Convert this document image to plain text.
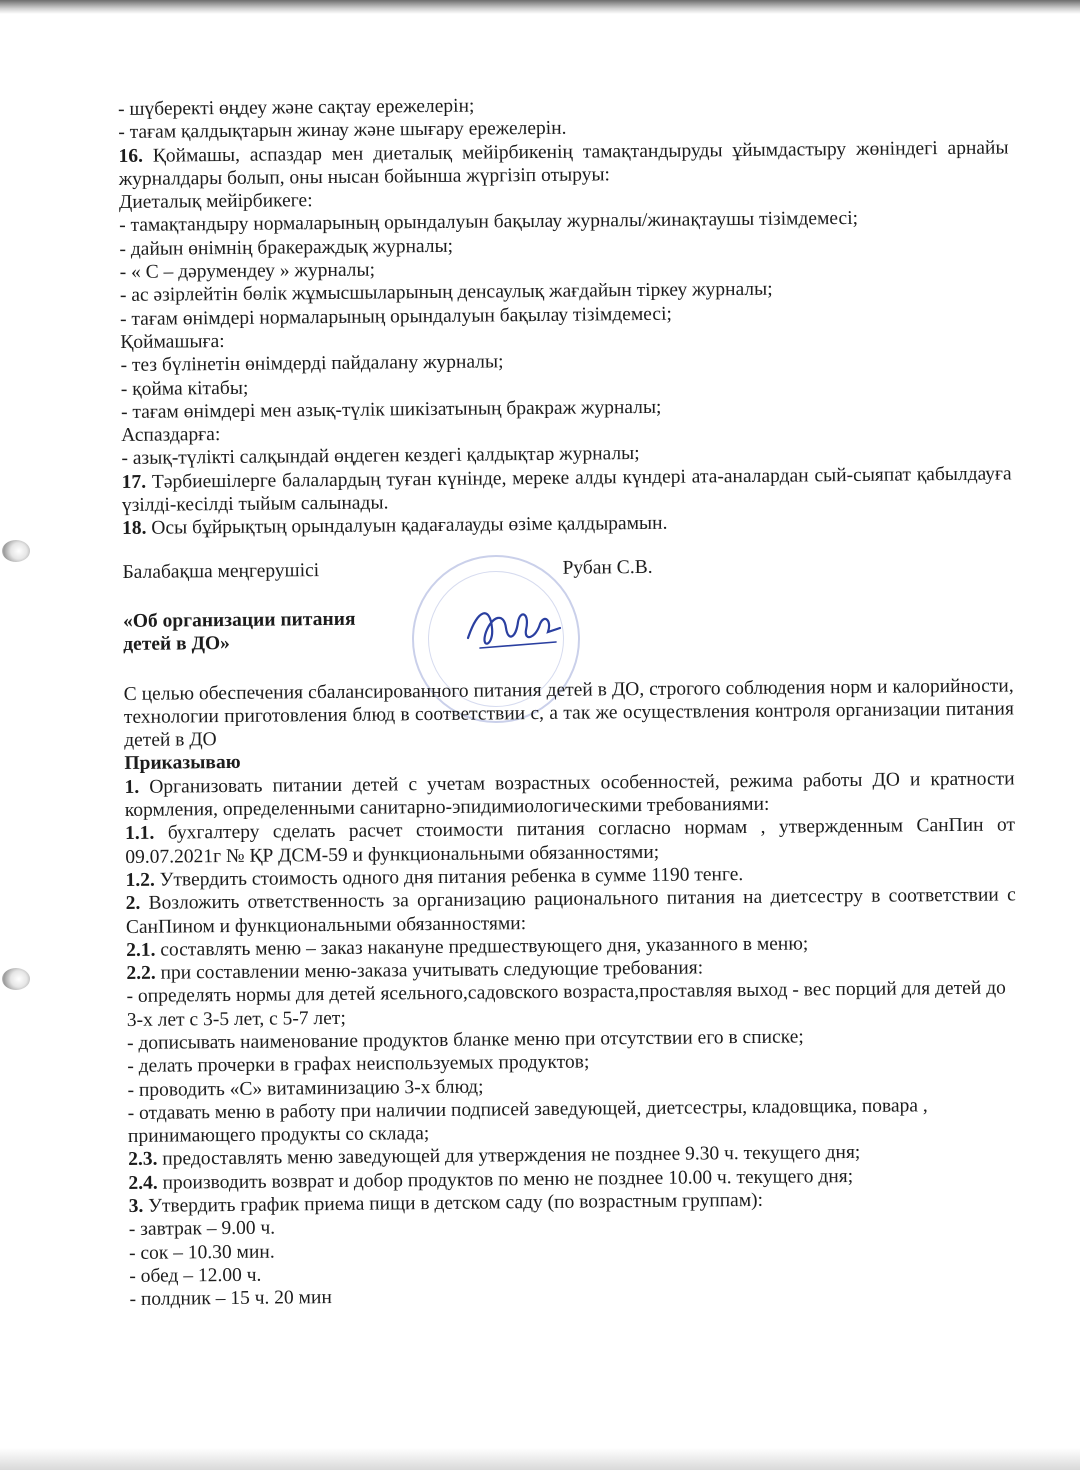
- шүберекті өңдеу және сақтау ережелерін;

- тағам қалдықтарын жинау және шығару ережелерін.

16. Қоймашы, аспаздар мен диеталық мейірбикенің тамақтандыруды ұйымдастыру жөніндегі арнайы журналдары болып, оны нысан бойынша жүргізіп отыруы:

Диеталық мейірбикеге:

- тамақтандыру нормаларының орындалуын бақылау журналы/жинақтаушы тізімдемесі;

- дайын өнімнің бракераждық журналы;

- « С – дәрумендеу » журналы;

- ас әзірлейтін бөлік жұмысшыларының денсаулық жағдайын тіркеу журналы;

- тағам өнімдері нормаларының орындалуын бақылау тізімдемесі;

Қоймашыға:

- тез бүлінетін өнімдерді пайдалану журналы;

- қойма кітабы;

- тағам өнімдері мен азық-түлік шикізатының бракраж журналы;

Аспаздарға:

- азық-түлікті салқындай өңдеген кездегі қалдықтар журналы;

17. Тәрбиешілерге балалардың туған күнінде, мереке алды күндері ата-аналардан сый-сыяпат қабылдауға үзілді-кесілді тыйым салынады.

18. Осы бұйрықтың орындалуын қадағалауды өзіме қалдырамын.

Балабақша меңгерушісі	Рубан С.В.

«Об организации питания

детей в ДО»

С целью обеспечения сбалансированного питания детей в ДО, строгого соблюдения норм и калорийности, технологии приготовления блюд в соответствии с, а так же осуществления контроля организации питания детей в ДО

Приказываю

1. Организовать питании детей с учетам возрастных особенностей, режима работы ДО и кратности кормления, определенными санитарно-эпидимиологическими требованиями:

1.1. бухгалтеру сделать расчет стоимости питания согласно нормам , утвержденным СанПин от 09.07.2021г № ҚР ДСМ-59 и функциональными обязанностями;

1.2. Утвердить стоимость одного дня питания ребенка в сумме 1190 тенге.

2. Возложить ответственность за организацию рационального питания на диетсестру в соответствии с СанПином и функциональными обязанностями:

2.1. составлять меню – заказ накануне предшествующего дня, указанного в меню;

2.2. при составлении меню-заказа учитывать следующие требования:

- определять нормы для детей ясельного,садовского возраста,проставляя выход - вес порций для детей до 3-х лет с 3-5 лет, с 5-7 лет;

- дописывать наименование продуктов бланке меню при отсутствии его в списке;

- делать прочерки в графах неиспользуемых продуктов;

- проводить «С» витаминизацию 3-х блюд;

- отдавать меню в работу при наличии подписей заведующей, диетсестры, кладовщика, повара , принимающего продукты со склада;

2.3. предоставлять меню заведующей для утверждения не позднее 9.30 ч. текущего дня;

2.4. производить возврат и добор продуктов по меню не позднее 10.00 ч. текущего дня;

3. Утвердить график приема пищи в детском саду (по возрастным группам):

- завтрак – 9.00 ч.

- сок – 10.30 мин.

- обед – 12.00 ч.

- полдник – 15 ч. 20 мин
